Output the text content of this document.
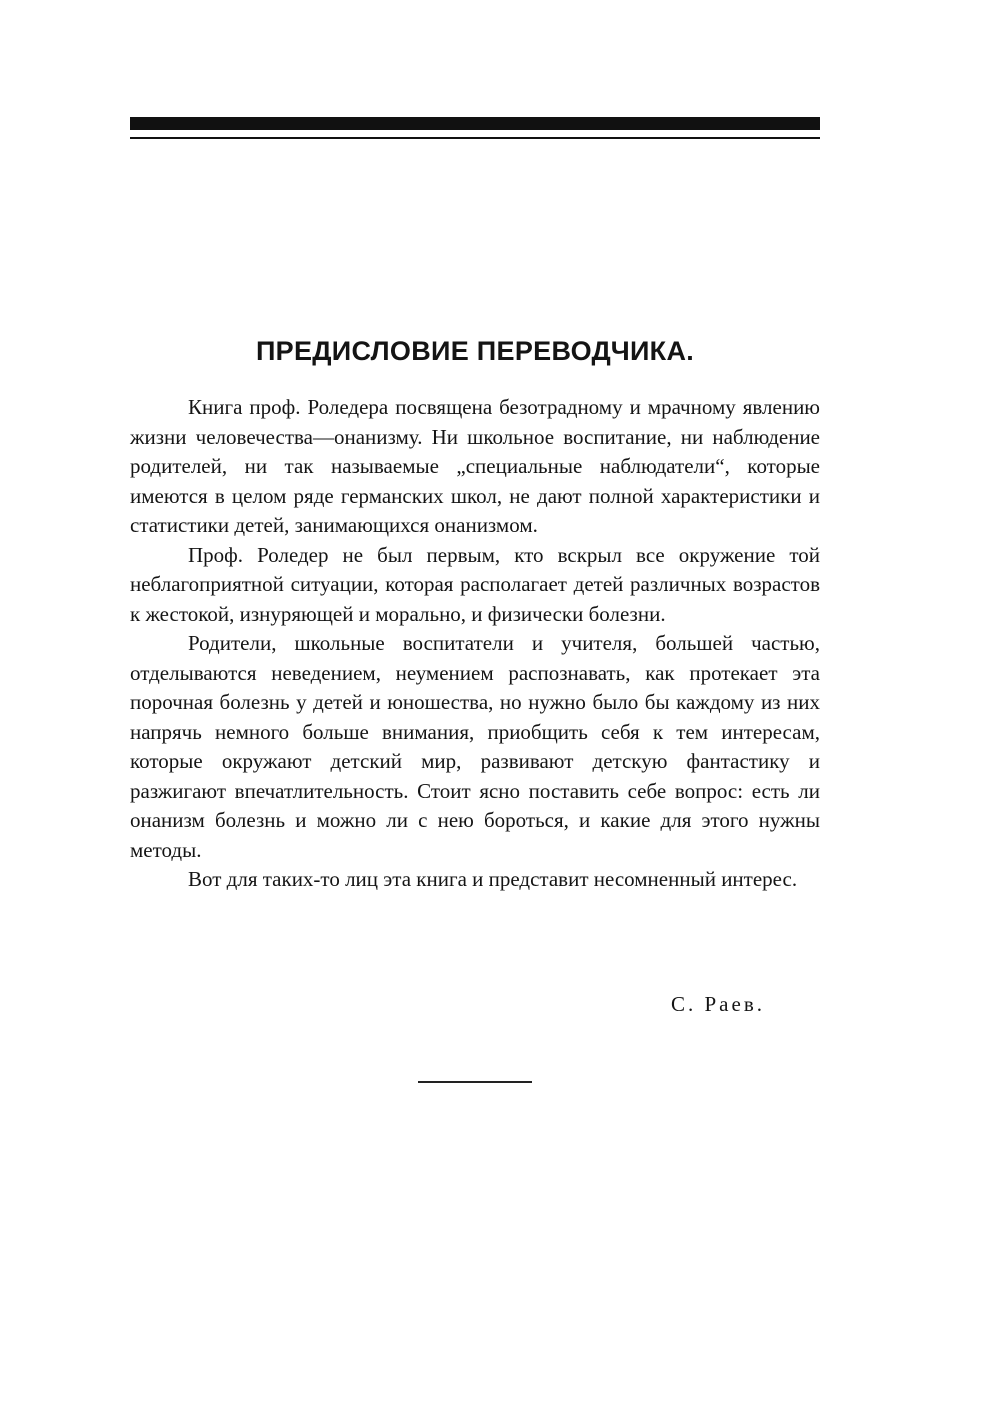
ПРЕДИСЛОВИЕ ПЕРЕВОДЧИКА.

Книга проф. Роледера посвящена безотрадному и мрачному явлению жизни человечества—онанизму. Ни школьное воспитание, ни наблюдение родителей, ни так называемые „специальные наблюдатели“, которые имеются в целом ряде германских школ, не дают полной характеристики и статистики детей, занимающихся онанизмом.

Проф. Роледер не был первым, кто вскрыл все окружение той неблагоприятной ситуации, которая располагает детей различных возрастов к жестокой, изнуряющей и морально, и физически болезни.

Родители, школьные воспитатели и учителя, большей частью, отделываются неведением, неумением распознавать, как протекает эта порочная болезнь у детей и юношества, но нужно было бы каждому из них напрячь немного больше внимания, приобщить себя к тем интересам, которые окружают детский мир, развивают детскую фантастику и разжигают впечатлительность. Стоит ясно поставить себе вопрос: есть ли онанизм болезнь и можно ли с нею бороться, и какие для этого нужны методы.

Вот для таких-то лиц эта книга и представит несомненный интерес.

С. Раев.
